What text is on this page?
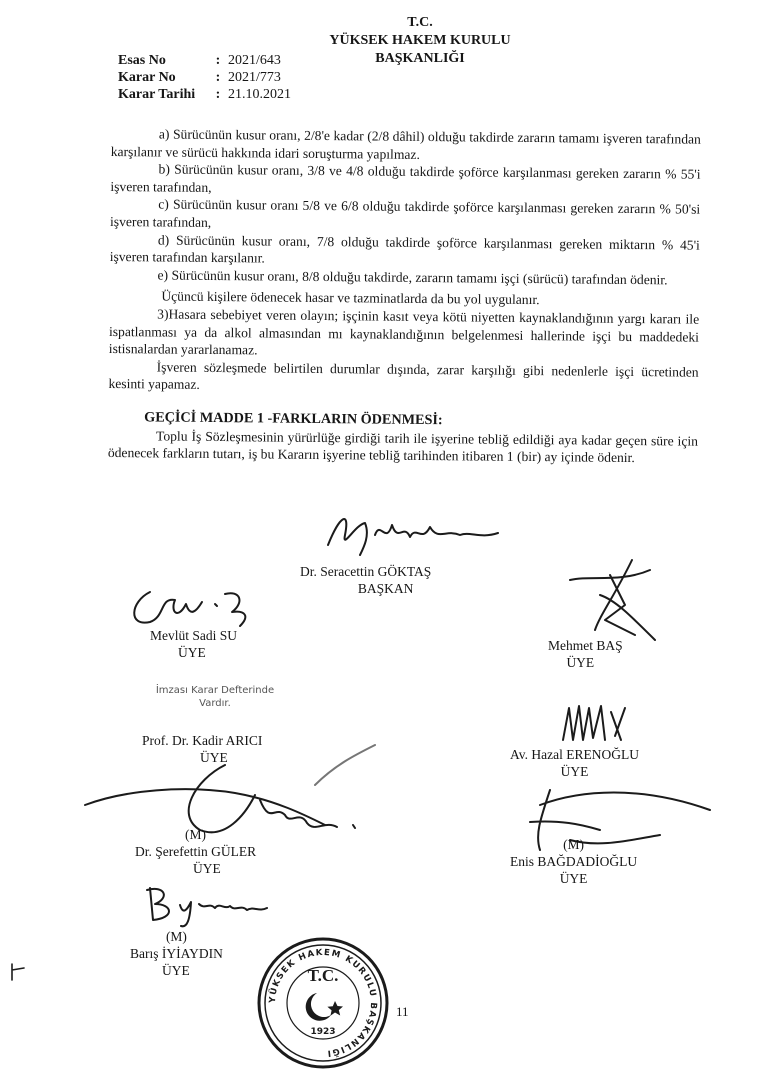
T.C.
YÜKSEK HAKEM KURULU
BAŞKANLIĞI
Esas No	: 2021/643
Karar No	: 2021/773
Karar Tarihi	: 21.10.2021

a) Sürücünün kusur oranı, 2/8'e kadar (2/8 dâhil) olduğu takdirde zararın tamamı işveren tarafından karşılanır ve sürücü hakkında idari soruşturma yapılmaz.

b) Sürücünün kusur oranı, 3/8 ve 4/8 olduğu takdirde şoförce karşılanması gereken zararın % 55'i işveren tarafından,

c) Sürücünün kusur oranı 5/8 ve 6/8 olduğu takdirde şoförce karşılanması gereken zararın % 50'si işveren tarafından,

d) Sürücünün kusur oranı, 7/8 olduğu takdirde şoförce karşılanması gereken miktarın % 45'i işveren tarafından karşılanır.

e) Sürücünün kusur oranı, 8/8 olduğu takdirde, zararın tamamı işçi (sürücü) tarafından ödenir.

Üçüncü kişilere ödenecek hasar ve tazminatlarda da bu yol uygulanır.

3)Hasara sebebiyet veren olayın; işçinin kasıt veya kötü niyetten kaynaklandığının yargı kararı ile ispatlanması ya da alkol almasından mı kaynaklandığının belgelenmesi hallerinde işçi bu maddedeki istisnalardan yararlanamaz.

İşveren sözleşmede belirtilen durumlar dışında, zarar karşılığı gibi nedenlerle işçi ücretinden kesinti yapamaz.

GEÇİCİ MADDE 1 -FARKLARIN ÖDENMESİ:

Toplu İş Sözleşmesinin yürürlüğe girdiği tarih ile işyerine tebliğ edildiği aya kadar geçen süre için ödenecek farkların tutarı, iş bu Kararın işyerine tebliğ tarihinden itibaren 1 (bir) ay içinde ödenir.

Dr. Seracettin GÖKTAŞ
BAŞKAN
Mevlüt Sadi SU
ÜYE	Mehmet BAŞ
ÜYE
İmzası Karar Defterinde Vardır.
Prof. Dr. Kadir ARICI
ÜYE	Av. Hazal ERENOĞLU
ÜYE
(M)
Dr. Şerefettin GÜLER
ÜYE
(M)
Enis BAĞDADİOĞLU
ÜYE
(M)
Barış İYİAYDIN
ÜYE
YÜKSEK HAKEM KURULU BAŞKANLIĞI
T.C.
1923
11
